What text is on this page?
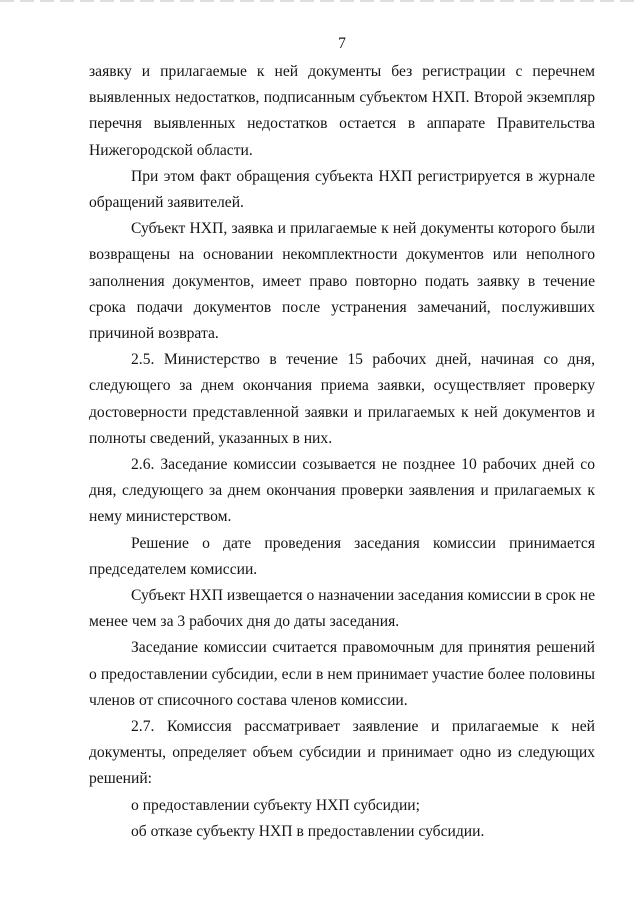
7

заявку и прилагаемые к ней документы без регистрации с перечнем выявленных недостатков, подписанным субъектом НХП. Второй экземпляр перечня выявленных недостатков остается в аппарате Правительства Нижегородской области.

При этом факт обращения субъекта НХП регистрируется в журнале обращений заявителей.

Субъект НХП, заявка и прилагаемые к ней документы которого были возвращены на основании некомплектности документов или неполного заполнения документов, имеет право повторно подать заявку в течение срока подачи документов после устранения замечаний, послуживших причиной возврата.

2.5. Министерство в течение 15 рабочих дней, начиная со дня, следующего за днем окончания приема заявки, осуществляет проверку достоверности представленной заявки и прилагаемых к ней документов и полноты сведений, указанных в них.

2.6. Заседание комиссии созывается не позднее 10 рабочих дней со дня, следующего за днем окончания проверки заявления и прилагаемых к нему министерством.

Решение о дате проведения заседания комиссии принимается председателем комиссии.

Субъект НХП извещается о назначении заседания комиссии в срок не менее чем за 3 рабочих дня до даты заседания.

Заседание комиссии считается правомочным для принятия решений о предоставлении субсидии, если в нем принимает участие более половины членов от списочного состава членов комиссии.

2.7. Комиссия рассматривает заявление и прилагаемые к ней документы, определяет объем субсидии и принимает одно из следующих решений:

о предоставлении субъекту НХП субсидии;

об отказе субъекту НХП в предоставлении субсидии.
